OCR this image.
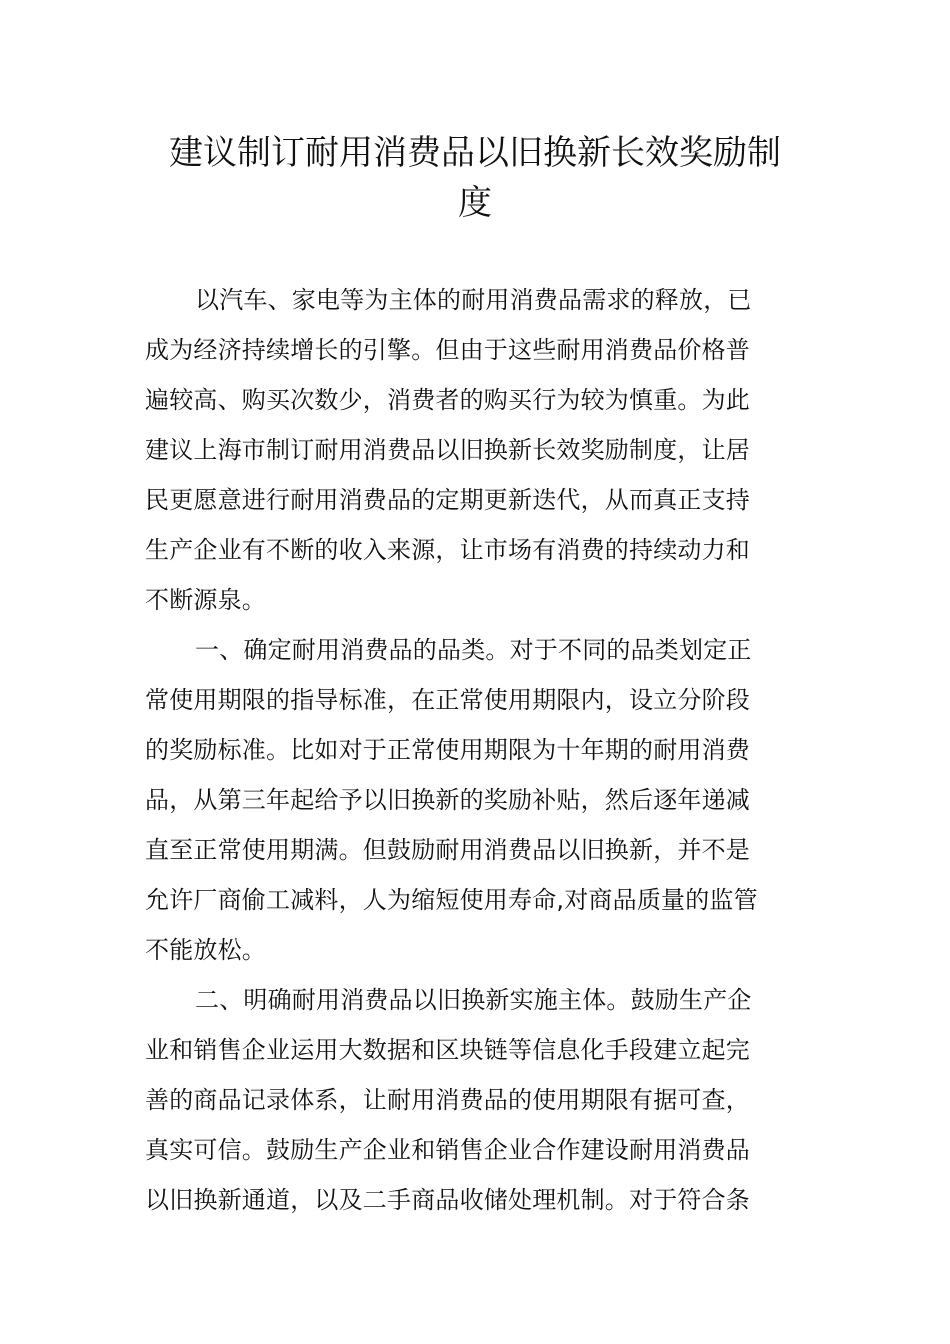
建议制订耐用消费品以旧换新长效奖励制
度
以汽车、家电等为主体的耐用消费品需求的释放，已
成为经济持续增长的引擎。但由于这些耐用消费品价格普
遍较高、购买次数少，消费者的购买行为较为慎重。为此
建议上海市制订耐用消费品以旧换新长效奖励制度，让居
民更愿意进行耐用消费品的定期更新迭代，从而真正支持
生产企业有不断的收入来源，让市场有消费的持续动力和
不断源泉。
一、确定耐用消费品的品类。对于不同的品类划定正
常使用期限的指导标准，在正常使用期限内，设立分阶段
的奖励标准。比如对于正常使用期限为十年期的耐用消费
品，从第三年起给予以旧换新的奖励补贴，然后逐年递减
直至正常使用期满。但鼓励耐用消费品以旧换新，并不是
允许厂商偷工减料，人为缩短使用寿命,对商品质量的监管
不能放松。
二、明确耐用消费品以旧换新实施主体。鼓励生产企
业和销售企业运用大数据和区块链等信息化手段建立起完
善的商品记录体系，让耐用消费品的使用期限有据可查，
真实可信。鼓励生产企业和销售企业合作建设耐用消费品
以旧换新通道，以及二手商品收储处理机制。对于符合条
